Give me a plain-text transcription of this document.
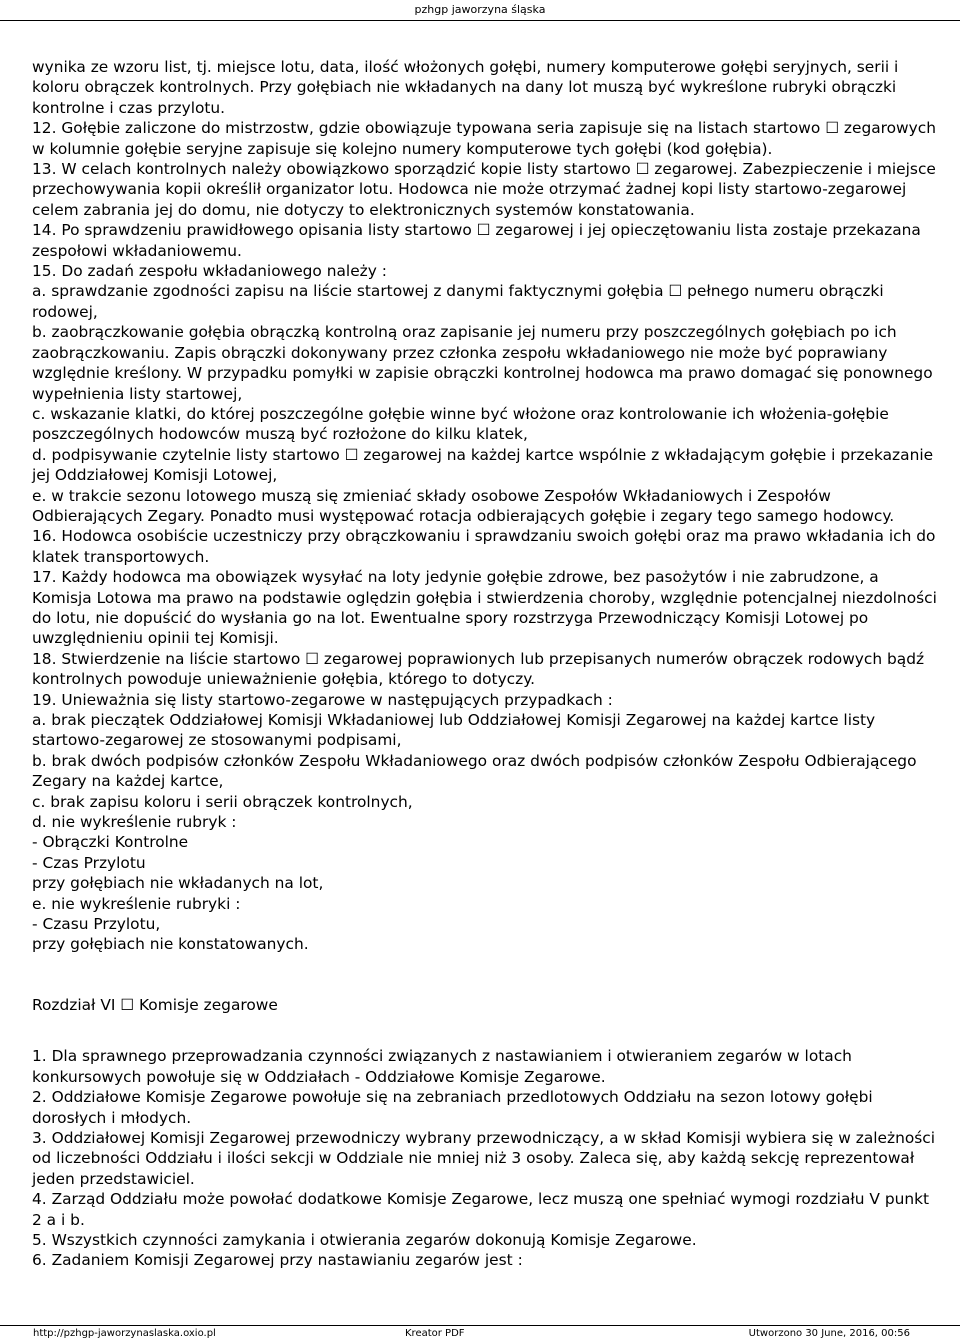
pzhgp jaworzyna śląska

wynika ze wzoru list, tj. miejsce lotu, data, ilość włożonych gołębi, numery komputerowe gołębi seryjnych, serii i koloru obrączek kontrolnych. Przy gołębiach nie wkładanych na dany lot muszą być wykreślone rubryki obrączki kontrolne i czas przylotu.

12. Gołębie zaliczone do mistrzostw, gdzie obowiązuje typowana seria zapisuje się na listach startowo ☐ zegarowych w kolumnie gołębie seryjne zapisuje się kolejno numery komputerowe tych gołębi (kod gołębia).

13. W celach kontrolnych należy obowiązkowo sporządzić kopie listy startowo ☐ zegarowej. Zabezpieczenie i miejsce przechowywania kopii określił organizator lotu. Hodowca nie może otrzymać żadnej kopi listy startowo-zegarowej celem zabrania jej do domu, nie dotyczy to elektronicznych systemów konstatowania.

14. Po sprawdzeniu prawidłowego opisania listy startowo ☐ zegarowej i jej opieczętowaniu lista zostaje przekazana zespołowi wkładaniowemu.

15. Do zadań zespołu wkładaniowego należy :

a. sprawdzanie zgodności zapisu na liście startowej z danymi faktycznymi gołębia ☐ pełnego numeru obrączki rodowej,

b. zaobrączkowanie gołębia obrączką kontrolną oraz zapisanie jej numeru przy poszczególnych gołębiach po ich zaobrączkowaniu. Zapis obrączki dokonywany przez członka zespołu wkładaniowego nie może być poprawiany względnie kreślony. W przypadku pomyłki w zapisie obrączki kontrolnej hodowca ma prawo domagać się ponownego wypełnienia listy startowej,

c. wskazanie klatki, do której poszczególne gołębie winne być włożone oraz kontrolowanie ich włożenia-gołębie poszczególnych hodowców muszą być rozłożone do kilku klatek,

d. podpisywanie czytelnie listy startowo ☐ zegarowej na każdej kartce wspólnie z wkładającym gołębie i przekazanie jej Oddziałowej Komisji Lotowej,

e. w trakcie sezonu lotowego muszą się zmieniać składy osobowe Zespołów Wkładaniowych i Zespołów Odbierających Zegary. Ponadto musi występować rotacja odbierających gołębie i zegary tego samego hodowcy.

16. Hodowca osobiście uczestniczy przy obrączkowaniu i sprawdzaniu swoich gołębi oraz ma prawo wkładania ich do klatek transportowych.

17. Każdy hodowca ma obowiązek wysyłać na loty jedynie gołębie zdrowe, bez pasożytów i nie zabrudzone, a Komisja Lotowa ma prawo na podstawie oględzin gołębia i stwierdzenia choroby, względnie potencjalnej niezdolności do lotu, nie dopuścić do wysłania go na lot. Ewentualne spory rozstrzyga Przewodniczący Komisji Lotowej po uwzględnieniu opinii tej Komisji.

18. Stwierdzenie na liście startowo ☐ zegarowej poprawionych lub przepisanych numerów obrączek rodowych bądź kontrolnych powoduje unieważnienie gołębia, którego to dotyczy.

19. Unieważnia się listy startowo-zegarowe w następujących przypadkach :

a. brak pieczątek Oddziałowej Komisji Wkładaniowej lub Oddziałowej Komisji Zegarowej na każdej kartce listy startowo-zegarowej ze stosowanymi podpisami,

b. brak dwóch podpisów członków Zespołu Wkładaniowego oraz dwóch podpisów członków Zespołu Odbierającego Zegary na każdej kartce,

c. brak zapisu koloru i serii obrączek kontrolnych,

d. nie wykreślenie rubryk :

- Obrączki Kontrolne

- Czas Przylotu

przy gołębiach nie wkładanych na lot,

e. nie wykreślenie rubryki :

- Czasu Przylotu,

przy gołębiach nie konstatowanych.

Rozdział VI ☐ Komisje zegarowe

1. Dla sprawnego przeprowadzania czynności związanych z nastawianiem i otwieraniem zegarów w lotach konkursowych powołuje się w Oddziałach - Oddziałowe Komisje Zegarowe.

2. Oddziałowe Komisje Zegarowe powołuje się na zebraniach przedlotowych Oddziału na sezon lotowy gołębi dorosłych i młodych.

3. Oddziałowej Komisji Zegarowej przewodniczy wybrany przewodniczący, a w skład Komisji wybiera się w zależności od liczebności Oddziału i ilości sekcji w Oddziale nie mniej niż 3 osoby. Zaleca się, aby każdą sekcję reprezentował jeden przedstawiciel.

4. Zarząd Oddziału może powołać dodatkowe Komisje Zegarowe, lecz muszą one spełniać wymogi rozdziału V punkt 2 a i b.

5. Wszystkich czynności zamykania i otwierania zegarów dokonują Komisje Zegarowe.

6. Zadaniem Komisji Zegarowej przy nastawianiu zegarów jest :

http://pzhgp-jaworzynaslaska.oxio.pl	Kreator PDF	Utworzono 30 June, 2016, 00:56
